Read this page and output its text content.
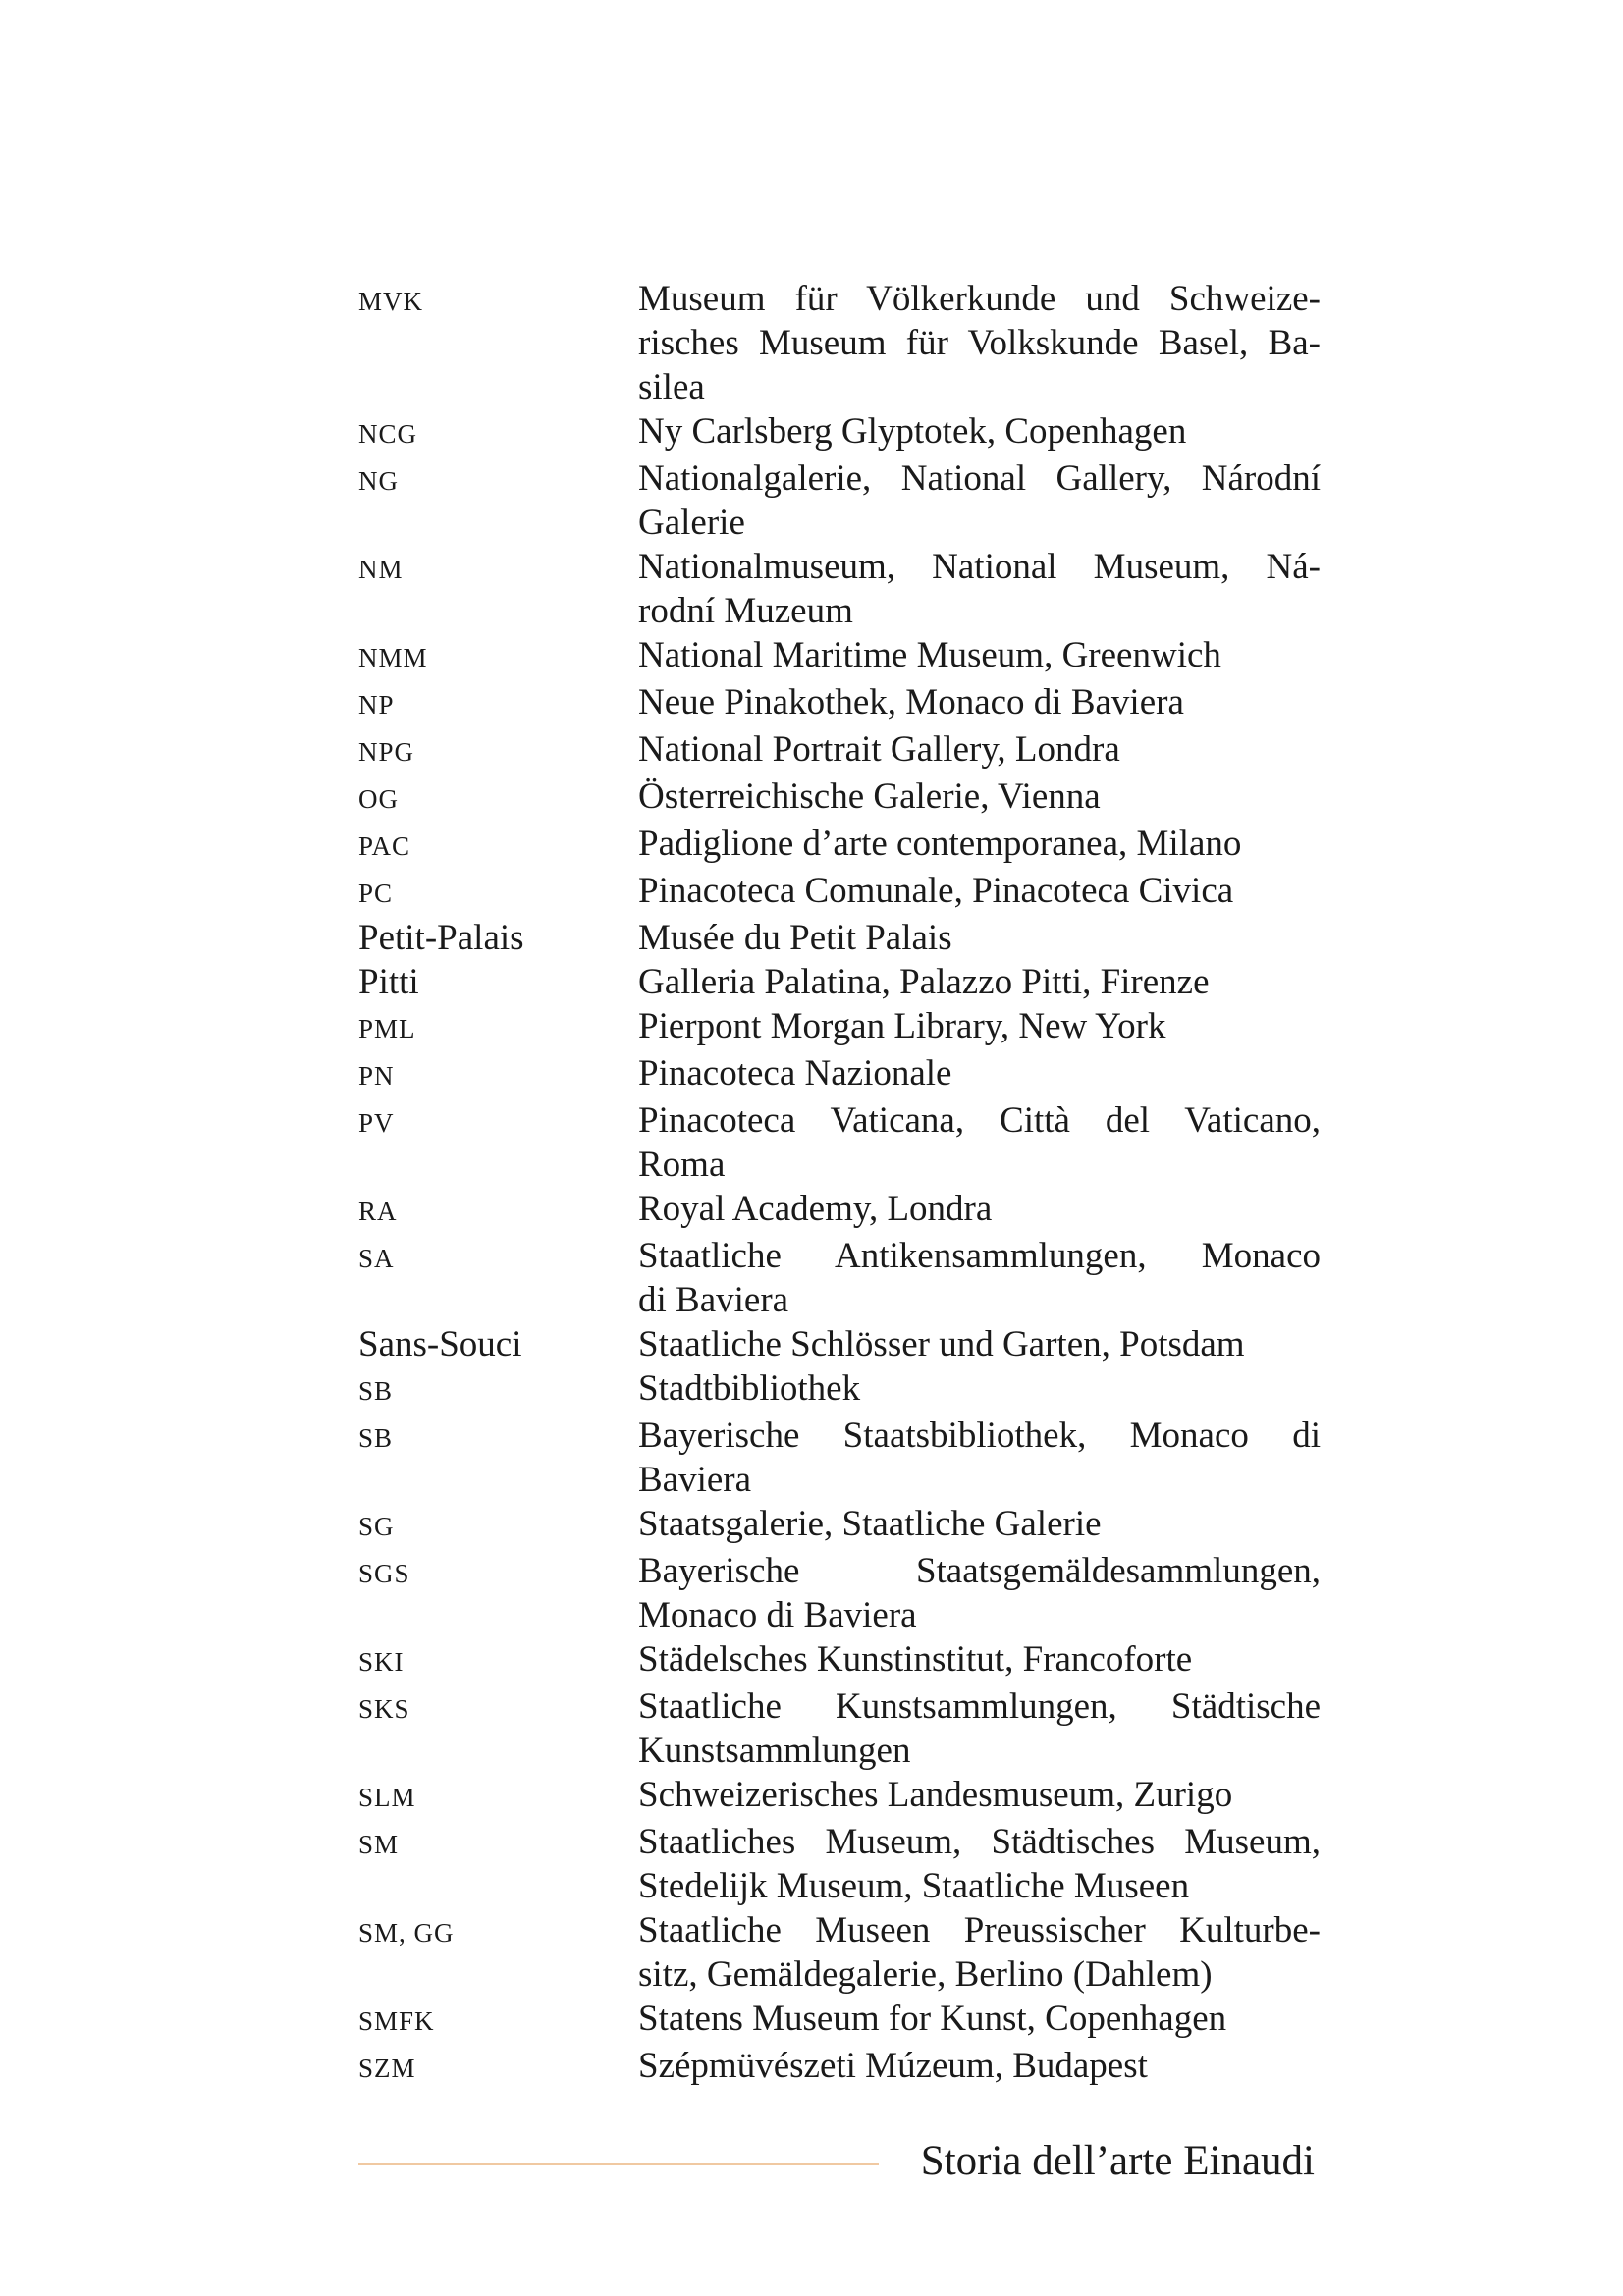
MVK	Museum für Völkerkunde und Schweize-
risches Museum für Volkskunde Basel, Ba-
silea
NCG	Ny Carlsberg Glyptotek, Copenhagen
NG	Nationalgalerie, National Gallery, Národní
Galerie
NM	Nationalmuseum, National Museum, Ná-
rodní Muzeum
NMM	National Maritime Museum, Greenwich
NP	Neue Pinakothek, Monaco di Baviera
NPG	National Portrait Gallery, Londra
OG	Österreichische Galerie, Vienna
PAC	Padiglione d’arte contemporanea, Milano
PC	Pinacoteca Comunale, Pinacoteca Civica
Petit-Palais	Musée du Petit Palais
Pitti	Galleria Palatina, Palazzo Pitti, Firenze
PML	Pierpont Morgan Library, New York
PN	Pinacoteca Nazionale
PV	Pinacoteca Vaticana, Città del Vaticano,
Roma
RA	Royal Academy, Londra
SA	Staatliche Antikensammlungen, Monaco
di Baviera
Sans-Souci	Staatliche Schlösser und Garten, Potsdam
SB	Stadtbibliothek
SB	Bayerische Staatsbibliothek, Monaco di
Baviera
SG	Staatsgalerie, Staatliche Galerie
SGS	Bayerische Staatsgemäldesammlungen,
Monaco di Baviera
SKI	Städelsches Kunstinstitut, Francoforte
SKS	Staatliche Kunstsammlungen, Städtische
Kunstsammlungen
SLM	Schweizerisches Landesmuseum, Zurigo
SM	Staatliches Museum, Städtisches Museum,
Stedelijk Museum, Staatliche Museen
SM, GG	Staatliche Museen Preussischer Kulturbe-
sitz, Gemäldegalerie, Berlino (Dahlem)
SMFK	Statens Museum for Kunst, Copenhagen
SZM	Szépmüvészeti Múzeum, Budapest
Storia dell’arte Einaudi
